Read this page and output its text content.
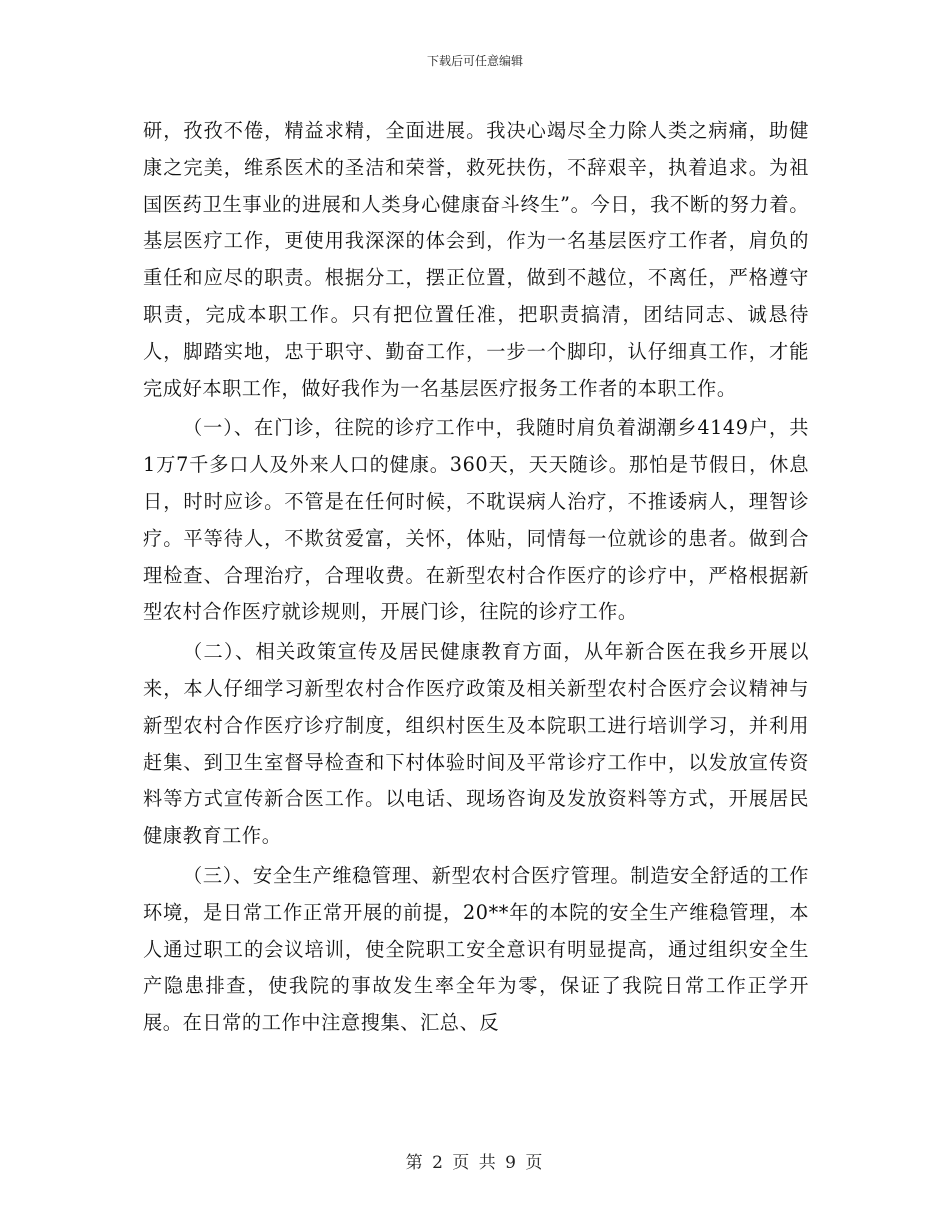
下载后可任意编辑

研，孜孜不倦，精益求精，全面进展。我决心竭尽全力除人类之病痛，助健康之完美，维系医术的圣洁和荣誉，救死扶伤，不辞艰辛，执着追求。为祖国医药卫生事业的进展和人类身心健康奋斗终生”。今日，我不断的努力着。基层医疗工作，更使用我深深的体会到，作为一名基层医疗工作者，肩负的重任和应尽的职责。根据分工，摆正位置，做到不越位，不离任，严格遵守职责，完成本职工作。只有把位置任准，把职责搞清，团结同志、诚恳待人，脚踏实地，忠于职守、勤奋工作，一步一个脚印，认仔细真工作，才能完成好本职工作，做好我作为一名基层医疗报务工作者的本职工作。

（一）、在门诊，往院的诊疗工作中，我随时肩负着湖潮乡4149户，共1万7千多口人及外来人口的健康。360天，天天随诊。那怕是节假日，休息日，时时应诊。不管是在任何时候，不耽误病人治疗，不推诿病人，理智诊疗。平等待人，不欺贫爱富，关怀，体贴，同情每一位就诊的患者。做到合理检查、合理治疗，合理收费。在新型农村合作医疗的诊疗中，严格根据新型农村合作医疗就诊规则，开展门诊，往院的诊疗工作。

（二）、相关政策宣传及居民健康教育方面，从年新合医在我乡开展以来，本人仔细学习新型农村合作医疗政策及相关新型农村合医疗会议精神与新型农村合作医疗诊疗制度，组织村医生及本院职工进行培训学习，并利用赶集、到卫生室督导检查和下村体验时间及平常诊疗工作中，以发放宣传资料等方式宣传新合医工作。以电话、现场咨询及发放资料等方式，开展居民健康教育工作。

（三）、安全生产维稳管理、新型农村合医疗管理。制造安全舒适的工作环境，是日常工作正常开展的前提，20**年的本院的安全生产维稳管理，本人通过职工的会议培训，使全院职工安全意识有明显提高，通过组织安全生产隐患排查，使我院的事故发生率全年为零，保证了我院日常工作正学开展。在日常的工作中注意搜集、汇总、反

第 2 页 共 9 页
